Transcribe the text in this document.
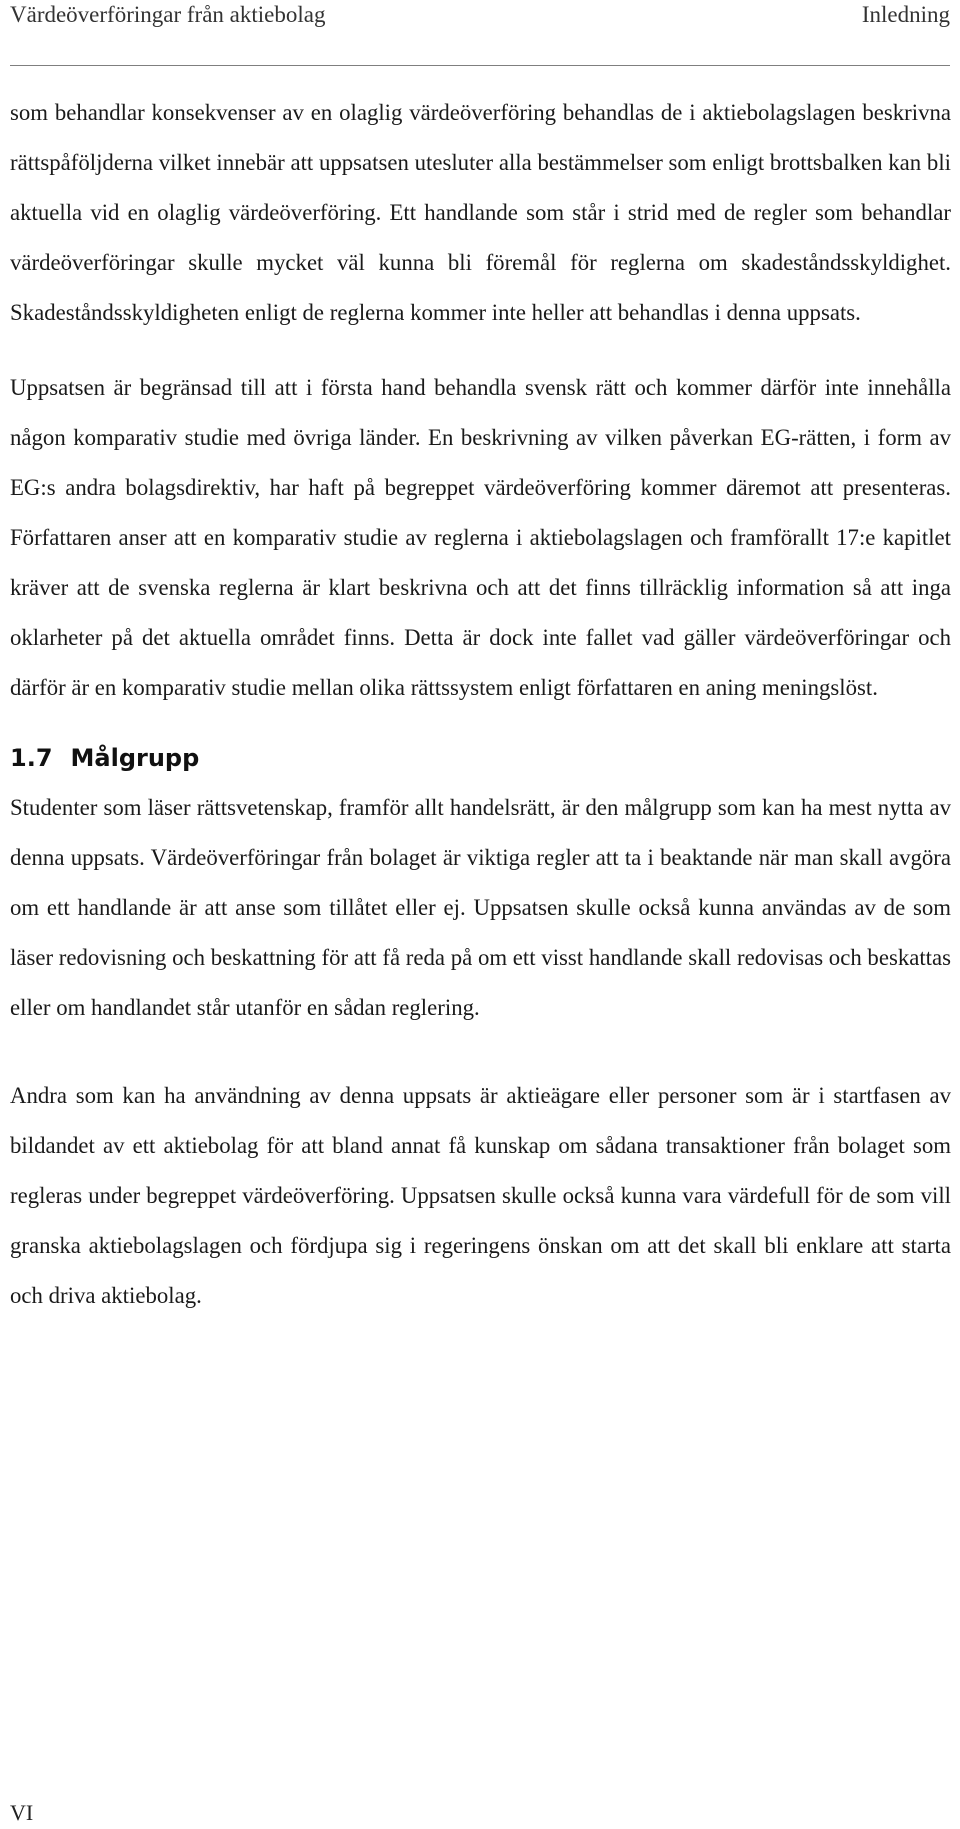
Värdeöverföringar från aktiebolag	Inledning

som behandlar konsekvenser av en olaglig värdeöverföring behandlas de i aktiebolagslagen beskrivna rättspåföljderna vilket innebär att uppsatsen utesluter alla bestämmelser som enligt brottsbalken kan bli aktuella vid en olaglig värdeöverföring. Ett handlande som står i strid med de regler som behandlar värdeöverföringar skulle mycket väl kunna bli föremål för reglerna om skadeståndsskyldighet. Skadeståndsskyldigheten enligt de reglerna kommer inte heller att behandlas i denna uppsats.

Uppsatsen är begränsad till att i första hand behandla svensk rätt och kommer därför inte innehålla någon komparativ studie med övriga länder. En beskrivning av vilken påverkan EG-rätten, i form av EG:s andra bolagsdirektiv, har haft på begreppet värdeöverföring kommer däremot att presenteras. Författaren anser att en komparativ studie av reglerna i aktiebolagslagen och framförallt 17:e kapitlet kräver att de svenska reglerna är klart beskrivna och att det finns tillräcklig information så att inga oklarheter på det aktuella området finns. Detta är dock inte fallet vad gäller värdeöverföringar och därför är en komparativ studie mellan olika rättssystem enligt författaren en aning meningslöst.

1.7 Målgrupp

Studenter som läser rättsvetenskap, framför allt handelsrätt, är den målgrupp som kan ha mest nytta av denna uppsats. Värdeöverföringar från bolaget är viktiga regler att ta i beaktande när man skall avgöra om ett handlande är att anse som tillåtet eller ej. Uppsatsen skulle också kunna användas av de som läser redovisning och beskattning för att få reda på om ett visst handlande skall redovisas och beskattas eller om handlandet står utanför en sådan reglering.

Andra som kan ha användning av denna uppsats är aktieägare eller personer som är i startfasen av bildandet av ett aktiebolag för att bland annat få kunskap om sådana transaktioner från bolaget som regleras under begreppet värdeöverföring. Uppsatsen skulle också kunna vara värdefull för de som vill granska aktiebolagslagen och fördjupa sig i regeringens önskan om att det skall bli enklare att starta och driva aktiebolag.

VI
